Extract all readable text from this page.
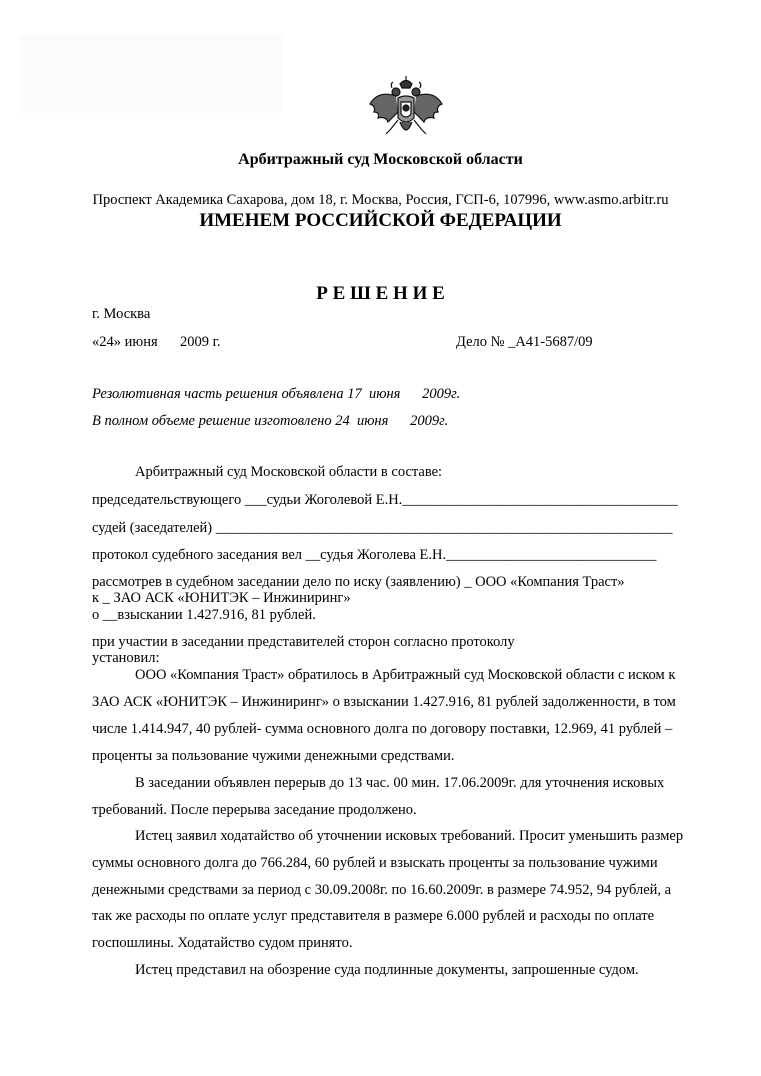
Арбитражный суд Московской области
Проспект Академика Сахарова, дом 18, г. Москва, Россия, ГСП-6, 107996, www.asmo.arbitr.ru
ИМЕНЕМ РОССИЙСКОЙ ФЕДЕРАЦИИ
Р Е Ш Е Н И Е
г. Москва
«24» июня 2009 г.	Дело № _А41-5687/09
Резолютивная часть решения объявлена 17  июня      2009г.
В полном объеме решение изготовлено 24  июня      2009г.
Арбитражный суд Московской области в составе:
председательствующего ___судьи Жоголевой Е.Н.______________________________________
судей (заседателей) _______________________________________________________________
протокол судебного заседания вел __судья Жоголева Е.Н._____________________________
рассмотрев в судебном заседании дело по иску (заявлению) _ ООО «Компания Траст»
к _ ЗАО АСК «ЮНИТЭК – Инжиниринг»
о __взыскании 1.427.916, 81 рублей.
при участии в заседании представителей сторон согласно протоколу
установил:
ООО «Компания Траст» обратилось в Арбитражный суд Московской области с иском к
ЗАО АСК «ЮНИТЭК – Инжиниринг» о взыскании 1.427.916, 81 рублей задолженности, в том
числе 1.414.947, 40 рублей- сумма основного долга по договору поставки, 12.969, 41 рублей –
проценты за пользование чужими денежными средствами.
В заседании объявлен перерыв до 13 час. 00 мин. 17.06.2009г. для уточнения исковых
требований. После перерыва заседание продолжено.
Истец заявил ходатайство об уточнении исковых требований. Просит уменьшить размер
суммы основного долга до 766.284, 60 рублей и взыскать проценты за пользование чужими
денежными средствами за период с 30.09.2008г. по 16.60.2009г. в размере 74.952, 94 рублей, а
так же расходы по оплате услуг представителя в размере 6.000 рублей и расходы по оплате
госпошлины. Ходатайство судом принято.
Истец представил на обозрение суда подлинные документы, запрошенные судом.
